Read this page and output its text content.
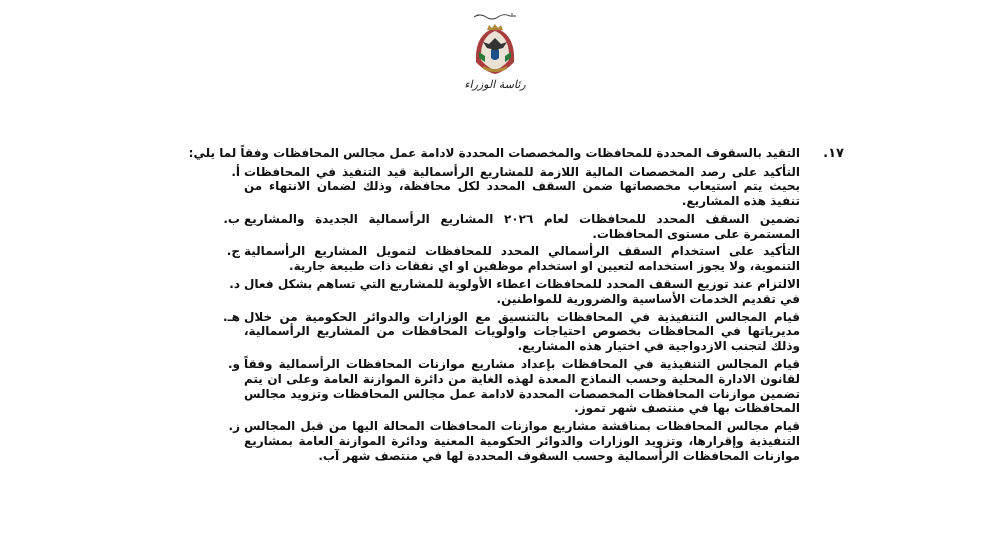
رئاسة الوزراء
١٧.
التقيد بالسقوف المحددة للمحافظات والمخصصات المحددة لادامة عمل مجالس المحافظات وفقاً لما يلي:
أ. التأكيد على رصد المخصصات المالية اللازمة للمشاريع الرأسمالية قيد التنفيذ في المحافظات بحيث يتم استيعاب مخصصاتها ضمن السقف المحدد لكل محافظة، وذلك لضمان الانتهاء من تنفيذ هذه المشاريع.
ب. تضمين السقف المحدد للمحافظات لعام ٢٠٢٦ المشاريع الرأسمالية الجديدة والمشاريع المستمرة على مستوى المحافظات.
ج. التأكيد على استخدام السقف الرأسمالي المحدد للمحافظات لتمويل المشاريع الرأسمالية التنموية، ولا يجوز استخدامه لتعيين او استخدام موظفين او اي نفقات ذات طبيعة جارية.
د. الالتزام عند توزيع السقف المحدد للمحافظات اعطاء الأولوية للمشاريع التي تساهم بشكل فعال في تقديم الخدمات الأساسية والضرورية للمواطنين.
هـ. قيام المجالس التنفيذية في المحافظات بالتنسيق مع الوزارات والدوائر الحكومية من خلال مديرياتها في المحافظات بخصوص احتياجات واولويات المحافظات من المشاريع الرأسمالية، وذلك لتجنب الازدواجية في اختيار هذه المشاريع.
و. قيام المجالس التنفيذية في المحافظات بإعداد مشاريع موازنات المحافظات الرأسمالية وفقاً لقانون الادارة المحلية وحسب النماذج المعدة لهذه الغاية من دائرة الموازنة العامة وعلى ان يتم تضمين موازنات المحافظات المخصصات المحددة لادامة عمل مجالس المحافظات وتزويد مجالس المحافظات بها في منتصف شهر تموز.
ز. قيام مجالس المحافظات بمناقشة مشاريع موازنات المحافظات المحالة اليها من قبل المجالس التنفيذية وإقرارها، وتزويد الوزارات والدوائر الحكومية المعنية ودائرة الموازنة العامة بمشاريع موازنات المحافظات الرأسمالية وحسب السقوف المحددة لها في منتصف شهر آب.
